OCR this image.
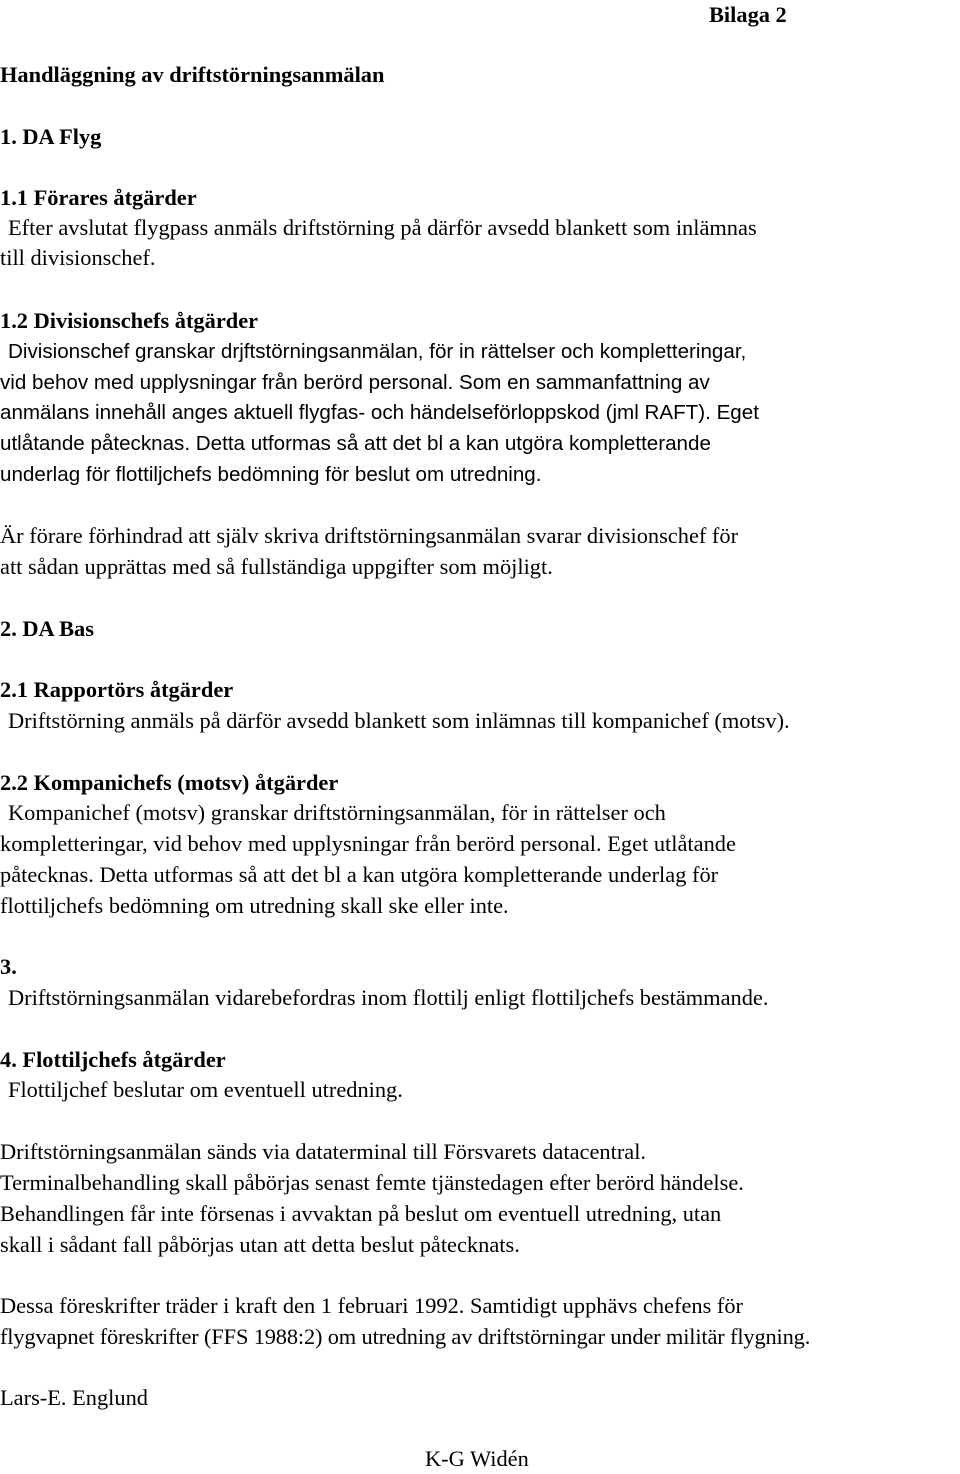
Bilaga 2
Handläggning av driftstörningsanmälan
1. DA Flyg
1.1 Förares åtgärder
Efter avslutat flygpass anmäls driftstörning på därför avsedd blankett som inlämnas
till divisionschef.
1.2 Divisionschefs åtgärder
Divisionschef granskar drjftstörningsanmälan, för in rättelser och kompletteringar,
vid behov med upplysningar från berörd personal. Som en sammanfattning av
anmälans innehåll anges aktuell flygfas- och händelseförloppskod (jml RAFT). Eget
utlåtande påtecknas. Detta utformas så att det bl a kan utgöra kompletterande
underlag för flottiljchefs bedömning för beslut om utredning.
Är förare förhindrad att själv skriva driftstörningsanmälan svarar divisionschef för
att sådan upprättas med så fullständiga uppgifter som möjligt.
2. DA Bas
2.1 Rapportörs åtgärder
Driftstörning anmäls på därför avsedd blankett som inlämnas till kompanichef (motsv).
2.2 Kompanichefs (motsv) åtgärder
Kompanichef (motsv) granskar driftstörningsanmälan, för in rättelser och
kompletteringar, vid behov med upplysningar från berörd personal. Eget utlåtande
påtecknas. Detta utformas så att det bl a kan utgöra kompletterande underlag för
flottiljchefs bedömning om utredning skall ske eller inte.
3.
Driftstörningsanmälan vidarebefordras inom flottilj enligt flottiljchefs bestämmande.
4. Flottiljchefs åtgärder
Flottiljchef beslutar om eventuell utredning.
Driftstörningsanmälan sänds via dataterminal till Försvarets datacentral.
Terminalbehandling skall påbörjas senast femte tjänstedagen efter berörd händelse.
Behandlingen får inte försenas i avvaktan på beslut om eventuell utredning, utan
skall i sådant fall påbörjas utan att detta beslut påtecknats.
Dessa föreskrifter träder i kraft den 1 februari 1992. Samtidigt upphävs chefens för
flygvapnet föreskrifter (FFS 1988:2) om utredning av driftstörningar under militär flygning.
Lars-E. Englund
K-G Widén
